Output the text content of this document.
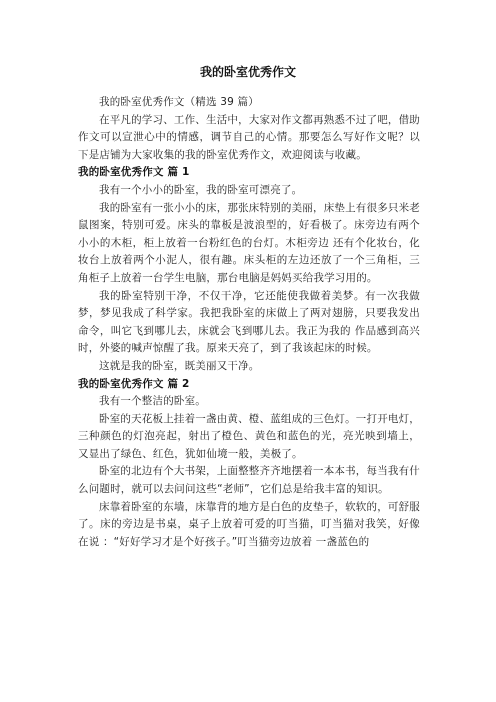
我的卧室优秀作文

我的卧室优秀作文（精选 39 篇）

在平凡的学习、工作、生活中，大家对作文都再熟悉不过了吧，借助作文可以宣泄心中的情感，调节自己的心情。那要怎么写好作文呢？以下是店铺为大家收集的我的卧室优秀作文，欢迎阅读与收藏。

我的卧室优秀作文 篇 1

我有一个小小的卧室，我的卧室可漂亮了。

我的卧室有一张小小的床，那张床特别的美丽，床垫上有很多只米老鼠图案，特别可爱。床头的靠板是波浪型的，好看极了。床旁边有两个小小的木柜，柜上放着一台粉红色的台灯。木柜旁边 还有个化妆台，化妆台上放着两个小泥人，很有趣。床头柜的左边还放了一个三角柜，三角柜子上放着一台学生电脑，那台电脑是妈妈买给我学习用的。

我的卧室特别干净，不仅干净，它还能使我做着美梦。有一次我做梦，梦见我成了科学家。我把我卧室的床做上了两对翅膀，只要我发出命令，叫它飞到哪儿去，床就会飞到哪儿去。我正为我的 作品感到高兴时，外婆的喊声惊醒了我。原来天亮了，到了我该起床的时候。

这就是我的卧室，既美丽又干净。

我的卧室优秀作文 篇 2

我有一个整洁的卧室。

卧室的天花板上挂着一盏由黄、橙、蓝组成的三色灯。一打开电灯，三种颜色的灯泡亮起，射出了橙色、黄色和蓝色的光，亮光映到墙上，又显出了绿色、红色，犹如仙境一般，美极了。

卧室的北边有个大书架，上面整整齐齐地摆着一本本书，每当我有什么问题时，就可以去问问这些“老师”，它们总是给我丰富的知识。

床靠着卧室的东墙，床靠背的地方是白色的皮垫子，软软的，可舒服了。床的旁边是书桌，桌子上放着可爱的叮当猫，叮当猫对我笑，好像在说 ：“好好学习才是个好孩子。”叮当猫旁边放着 一盏蓝色的
